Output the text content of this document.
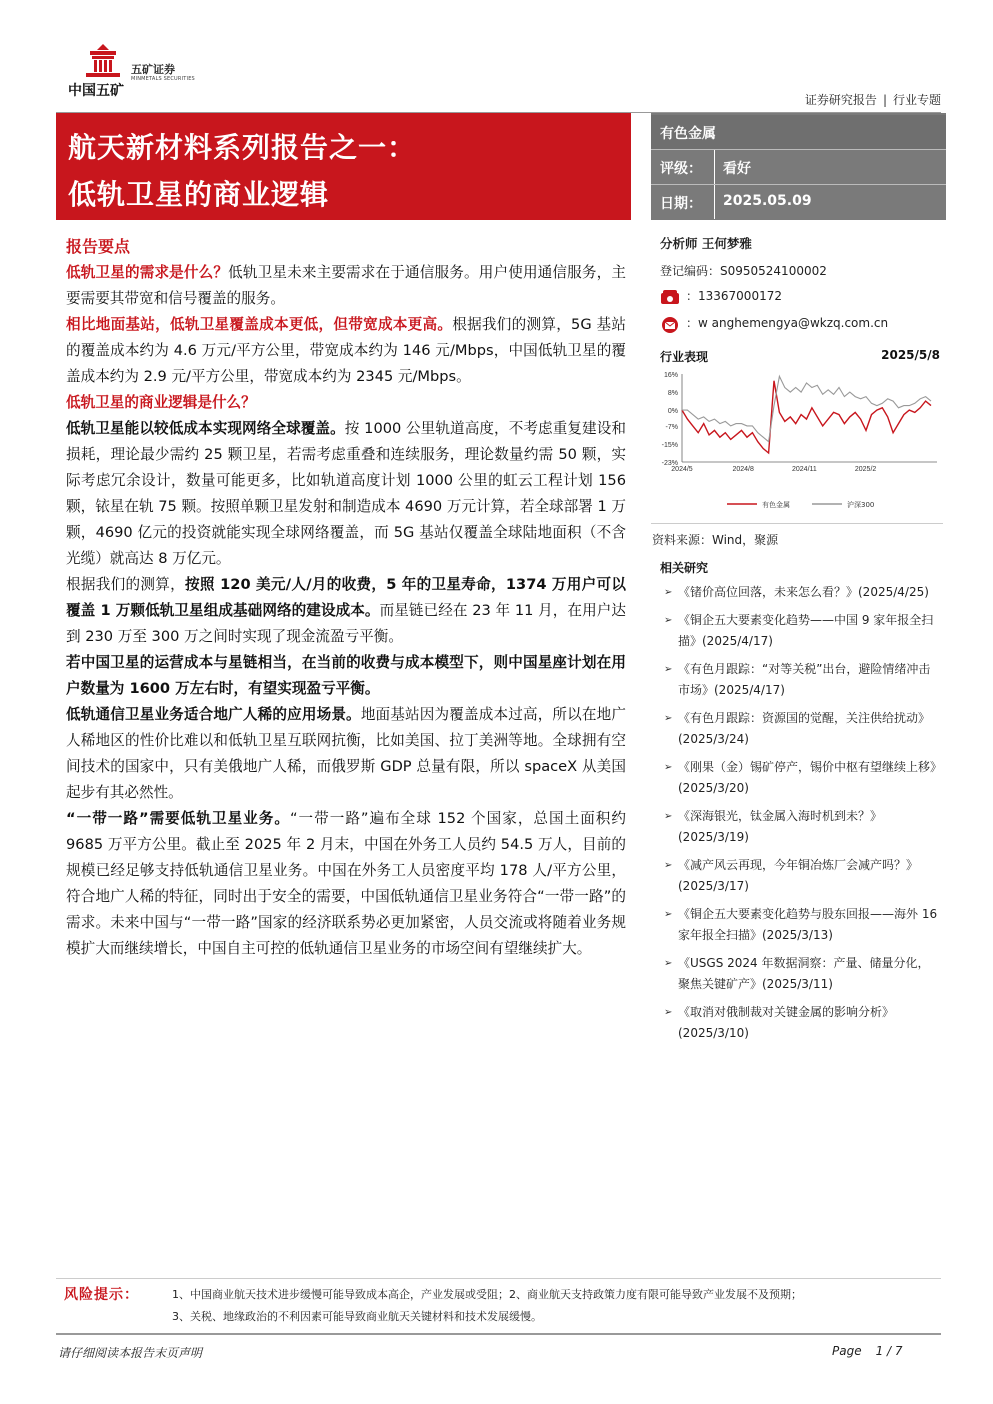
中国五矿
五矿证券
MINMETALS SECURITIES
证券研究报告 | 行业专题
航天新材料系列报告之一：
低轨卫星的商业逻辑
有色金属
评级： 看好
日期： 2025.05.09
报告要点

低轨卫星的需求是什么？低轨卫星未来主要需求在于通信服务。用户使用通信服务，主要需要其带宽和信号覆盖的服务。

相比地面基站，低轨卫星覆盖成本更低，但带宽成本更高。根据我们的测算，5G 基站的覆盖成本约为 4.6 万元/平方公里，带宽成本约为 146 元/Mbps，中国低轨卫星的覆盖成本约为 2.9 元/平方公里，带宽成本约为 2345 元/Mbps。

低轨卫星的商业逻辑是什么？

低轨卫星能以较低成本实现网络全球覆盖。按 1000 公里轨道高度，不考虑重复建设和损耗，理论最少需约 25 颗卫星，若需考虑重叠和连续服务，理论数量约需 50 颗，实际考虑冗余设计，数量可能更多，比如轨道高度计划 1000 公里的虹云工程计划 156 颗，铱星在轨 75 颗。按照单颗卫星发射和制造成本 4690 万元计算，若全球部署 1 万颗，4690 亿元的投资就能实现全球网络覆盖，而 5G 基站仅覆盖全球陆地面积（不含光缆）就高达 8 万亿元。

根据我们的测算，按照 120 美元/人/月的收费，5 年的卫星寿命，1374 万用户可以覆盖 1 万颗低轨卫星组成基础网络的建设成本。而星链已经在 23 年 11 月，在用户达到 230 万至 300 万之间时实现了现金流盈亏平衡。

若中国卫星的运营成本与星链相当，在当前的收费与成本模型下，则中国星座计划在用户数量为 1600 万左右时，有望实现盈亏平衡。

低轨通信卫星业务适合地广人稀的应用场景。地面基站因为覆盖成本过高，所以在地广人稀地区的性价比难以和低轨卫星互联网抗衡，比如美国、拉丁美洲等地。全球拥有空间技术的国家中，只有美俄地广人稀，而俄罗斯 GDP 总量有限，所以 spaceX 从美国起步有其必然性。

“一带一路”需要低轨卫星业务。“一带一路”遍布全球 152 个国家，总国土面积约 9685 万平方公里。截止至 2025 年 2 月末，中国在外务工人员约 54.5 万人，目前的规模已经足够支持低轨通信卫星业务。中国在外务工人员密度平均 178 人/平方公里，符合地广人稀的特征，同时出于安全的需要，中国低轨通信卫星业务符合“一带一路”的需求。未来中国与“一带一路”国家的经济联系势必更加紧密，人员交流或将随着业务规模扩大而继续增长，中国自主可控的低轨通信卫星业务的市场空间有望继续扩大。

分析师 王何梦雅
登记编码：S0950524100002
：13367000172
：w anghemengya@wkzq.com.cn
行业表现	2025/5/8
16%
8%
0%
-7%
-15%
-23%
2024/5	2024/8	2024/11	2025/2
有色金属	沪深300
资料来源：Wind，聚源
相关研究
➢ 《锗价高位回落，未来怎么看？》(2025/4/25)
➢ 《铜企五大要素变化趋势——中国 9 家年报全扫描》(2025/4/17)
➢ 《有色月跟踪：“对等关税”出台，避险情绪冲击市场》(2025/4/17)
➢ 《有色月跟踪：资源国的觉醒，关注供给扰动》(2025/3/24)
➢ 《刚果（金）锡矿停产，锡价中枢有望继续上移》(2025/3/20)
➢ 《深海银光，钛金属入海时机到未？》(2025/3/19)
➢ 《减产风云再现，今年铜冶炼厂会减产吗？》(2025/3/17)
➢ 《铜企五大要素变化趋势与股东回报——海外 16 家年报全扫描》(2025/3/13)
➢ 《USGS 2024 年数据洞察：产量、储量分化，聚焦关键矿产》(2025/3/11)
➢ 《取消对俄制裁对关键金属的影响分析》(2025/3/10)
风险提示：	1、中国商业航天技术进步缓慢可能导致成本高企，产业发展或受阻；2、商业航天支持政策力度有限可能导致产业发展不及预期；
3、关税、地缘政治的不利因素可能导致商业航天关键材料和技术发展缓慢。
请仔细阅读本报告末页声明	Page 1 / 7
